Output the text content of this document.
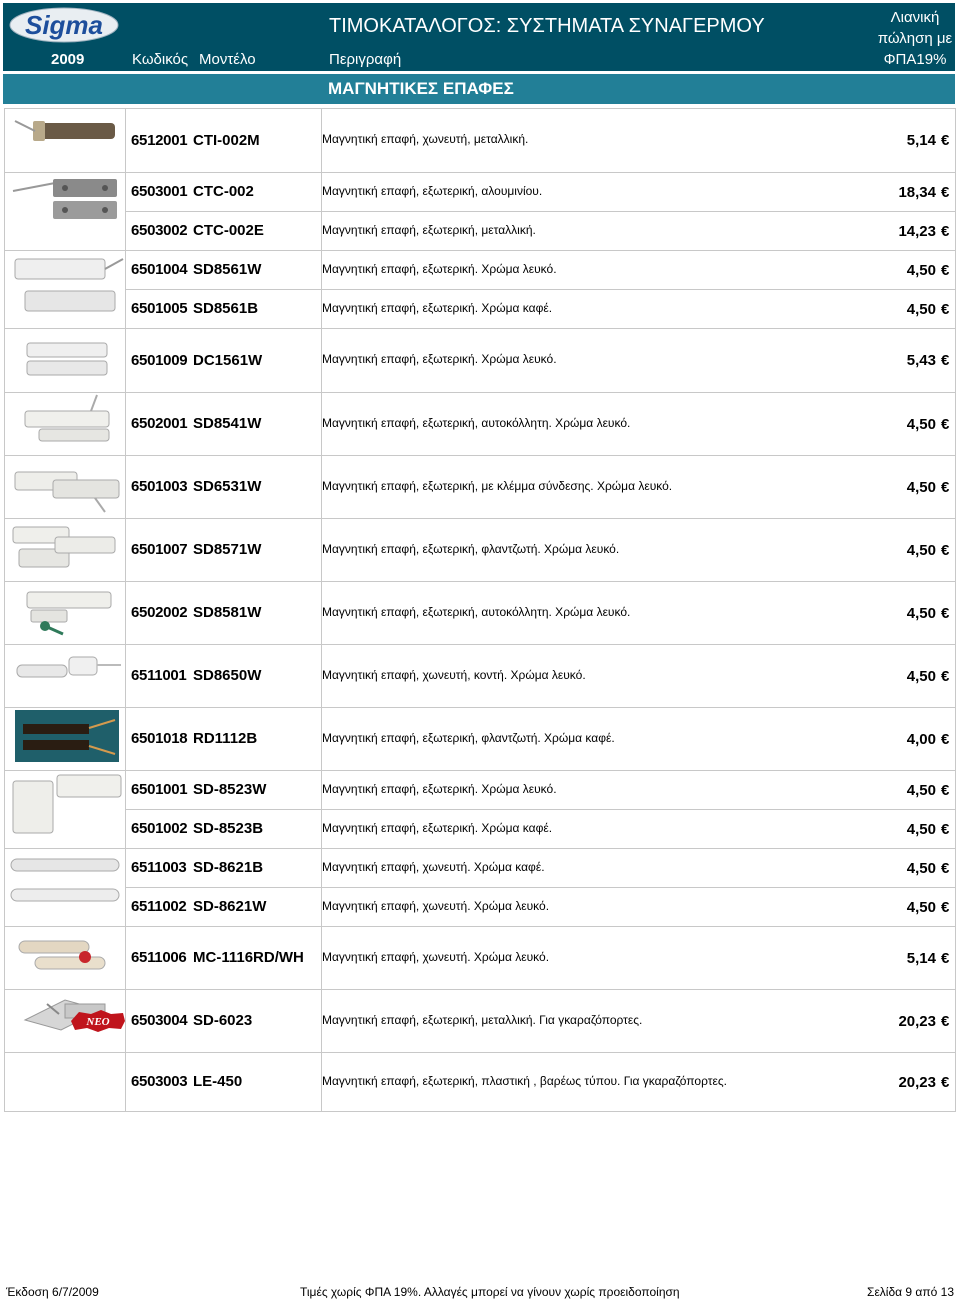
Sigma
2009	Κωδικός Μοντέλο
ΤΙΜΟΚΑΤΑΛΟΓΟΣ: ΣΥΣΤΗΜΑΤΑ ΣΥΝΑΓΕΡΜΟΥ
Περιγραφή
Λιανική
πώληση με
ΦΠΑ19%
ΜΑΓΝΗΤΙΚΕΣ ΕΠΑΦΕΣ
	6512001 CTI-002M	Μαγνητική επαφή, χωνευτή, μεταλλική. 5,14 €

	6503001 CTC-002	Μαγνητική επαφή, εξωτερική, αλουμινίου. 18,34 €

	6503002 CTC-002E	Μαγνητική επαφή, εξωτερική, μεταλλική. 14,23 €

	6501004 SD8561W	Μαγνητική επαφή, εξωτερική. Χρώμα λευκό. 4,50 €

	6501005 SD8561B	Μαγνητική επαφή, εξωτερική. Χρώμα καφέ. 4,50 €

	6501009 DC1561W	Μαγνητική επαφή, εξωτερική. Χρώμα λευκό. 5,43 €

	6502001 SD8541W	Μαγνητική επαφή, εξωτερική, αυτοκόλλητη. Χρώμα λευκό. 4,50 €

	6501003 SD6531W	Μαγνητική επαφή, εξωτερική, με κλέμμα σύνδεσης. Χρώμα λευκό. 4,50 €

	6501007 SD8571W	Μαγνητική επαφή, εξωτερική, φλαντζωτή. Χρώμα λευκό. 4,50 €

	6502002 SD8581W	Μαγνητική επαφή, εξωτερική, αυτοκόλλητη. Χρώμα λευκό. 4,50 €

	6511001 SD8650W	Μαγνητική επαφή, χωνευτή, κοντή. Χρώμα λευκό. 4,50 €

	6501018 RD1112B	Μαγνητική επαφή, εξωτερική, φλαντζωτή. Χρώμα καφέ. 4,00 €

	6501001 SD-8523W	Μαγνητική επαφή, εξωτερική. Χρώμα λευκό. 4,50 €

	6501002 SD-8523B	Μαγνητική επαφή, εξωτερική. Χρώμα καφέ. 4,50 €

	6511003 SD-8621B	Μαγνητική επαφή, χωνευτή. Χρώμα καφέ. 4,50 €

	6511002 SD-8621W	Μαγνητική επαφή, χωνευτή. Χρώμα λευκό. 4,50 €

	6511006 MC-1116RD/WH	Μαγνητική επαφή, χωνευτή. Χρώμα λευκό. 5,14 €

NEO	6503004 SD-6023	Μαγνητική επαφή, εξωτερική, μεταλλική. Για γκαραζόπορτες. 20,23 €

	6503003 LE-450	Μαγνητική επαφή, εξωτερική, πλαστική , βαρέως τύπου. Για γκαραζόπορτες. 20,23 €
Έκδοση 6/7/2009	Τιμές χωρίς ΦΠΑ 19%. Αλλαγές μπορεί να γίνουν χωρίς προειδοποίηση	Σελίδα 9 από 13
